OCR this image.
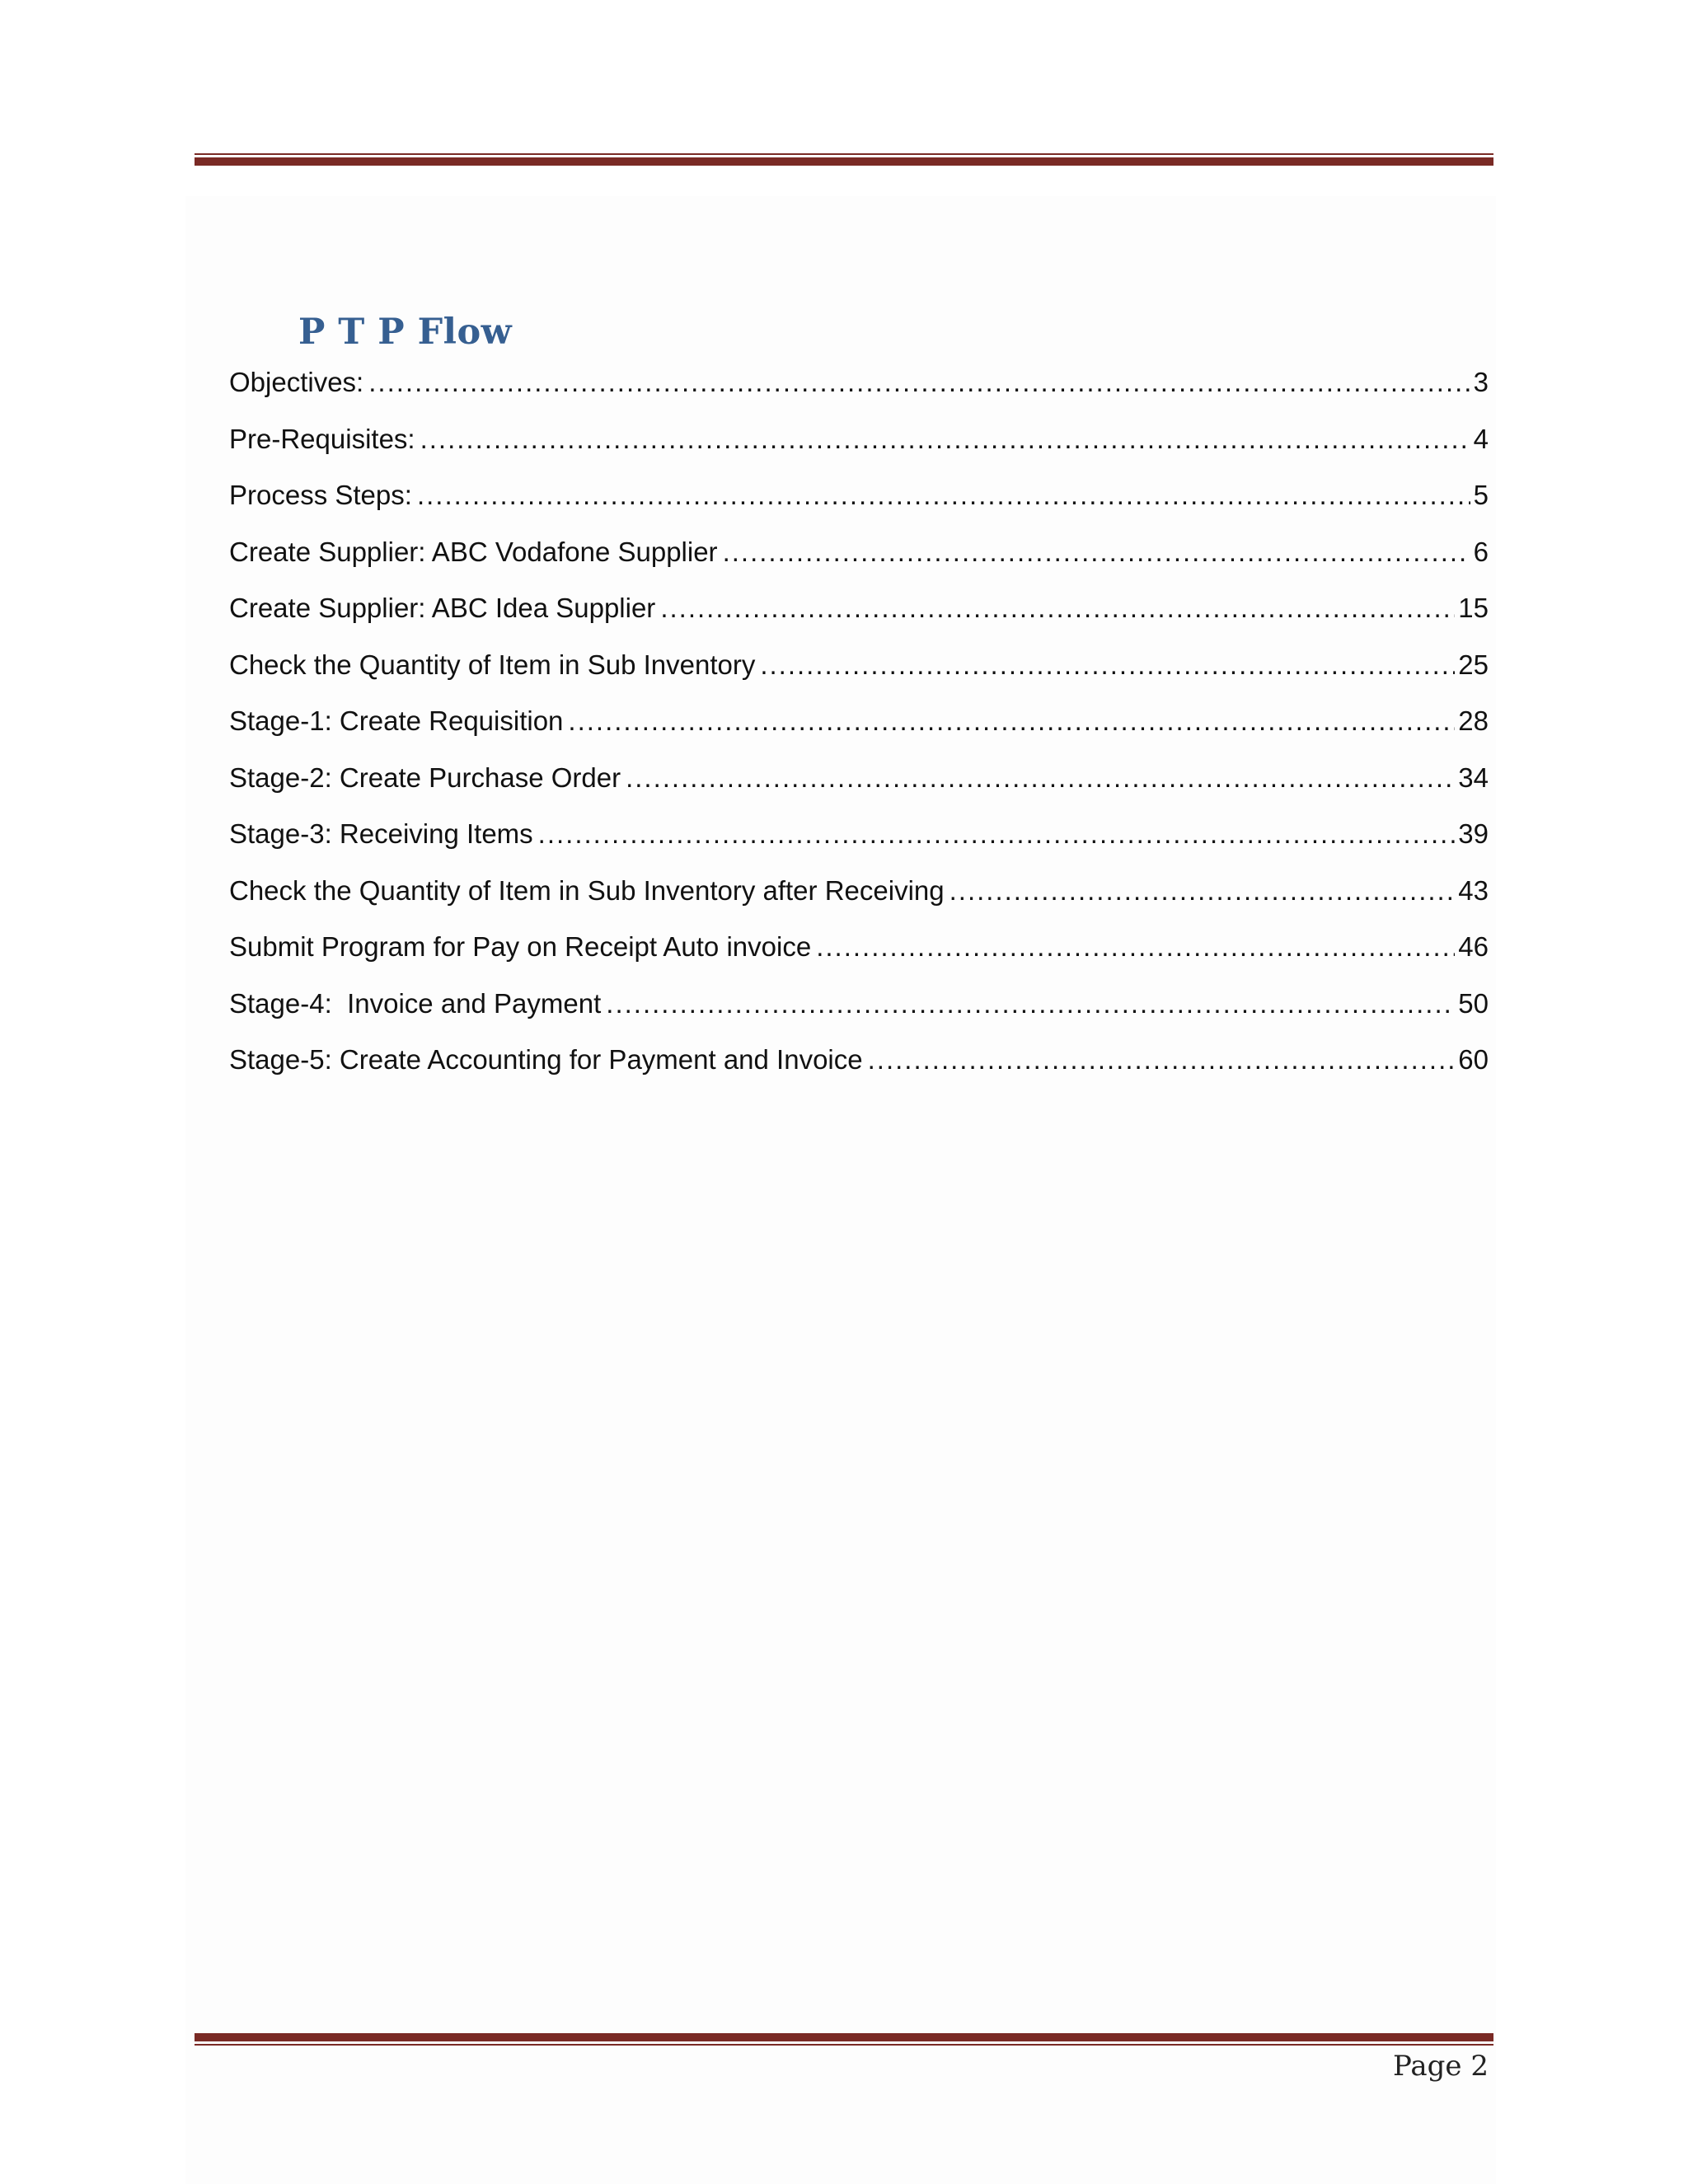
P T P Flow
Objectives: .....	3
Pre-Requisites: .....	4
Process Steps: .....	5
Create Supplier: ABC Vodafone Supplier .....	6
Create Supplier: ABC Idea Supplier .....	15
Check the Quantity of Item in Sub Inventory .....	25
Stage-1: Create Requisition .....	28
Stage-2: Create Purchase Order .....	34
Stage-3: Receiving Items .....	39
Check the Quantity of Item in Sub Inventory after Receiving .....	43
Submit Program for Pay on Receipt Auto invoice .....	46
Stage-4:  Invoice and Payment .....	50
Stage-5: Create Accounting for Payment and Invoice .....	60
Page 2
